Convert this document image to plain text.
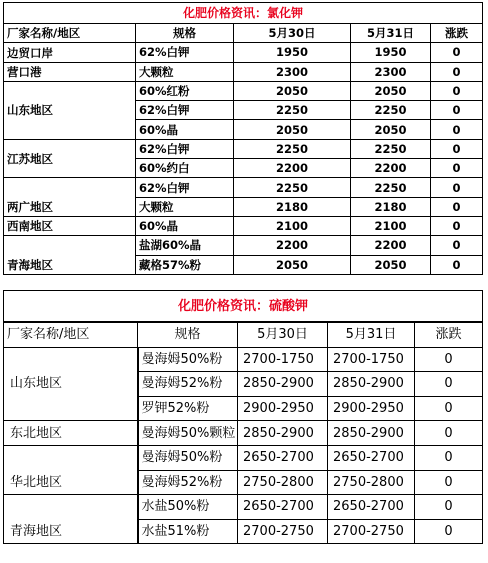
化肥价格资讯：氯化钾				
厂家名称/地区	规格	5月30日	5月31日	涨跌
边贸口岸	62%白钾	1950	1950	0
营口港	大颗粒	2300	2300	0
山东地区	60%红粉	2050	2050	0
	62%白钾	2250	2250	0
	60%晶	2050	2050	0
江苏地区	62%白钾	2250	2250	0
	60%约白	2200	2200	0
两广地区	62%白钾	2250	2250	0
	大颗粒	2180	2180	0
西南地区	60%晶	2100	2100	0
青海地区	盐湖60%晶	2200	2200	0
	藏格57%粉	2050	2050	0
化肥价格资讯：硫酸钾				
厂家名称/地区	规格	5月30日	5月31日	涨跌
山东地区	曼海姆50%粉	2700-1750	2700-1750	0
	曼海姆52%粉	2850-2900	2850-2900	0
	罗钾52%粉	2900-2950	2900-2950	0
东北地区	曼海姆50%颗粒	2850-2900	2850-2900	0
华北地区	曼海姆50%粉	2650-2700	2650-2700	0
	曼海姆52%粉	2750-2800	2750-2800	0
青海地区	水盐50%粉	2650-2700	2650-2700	0
	水盐51%粉	2700-2750	2700-2750	0
